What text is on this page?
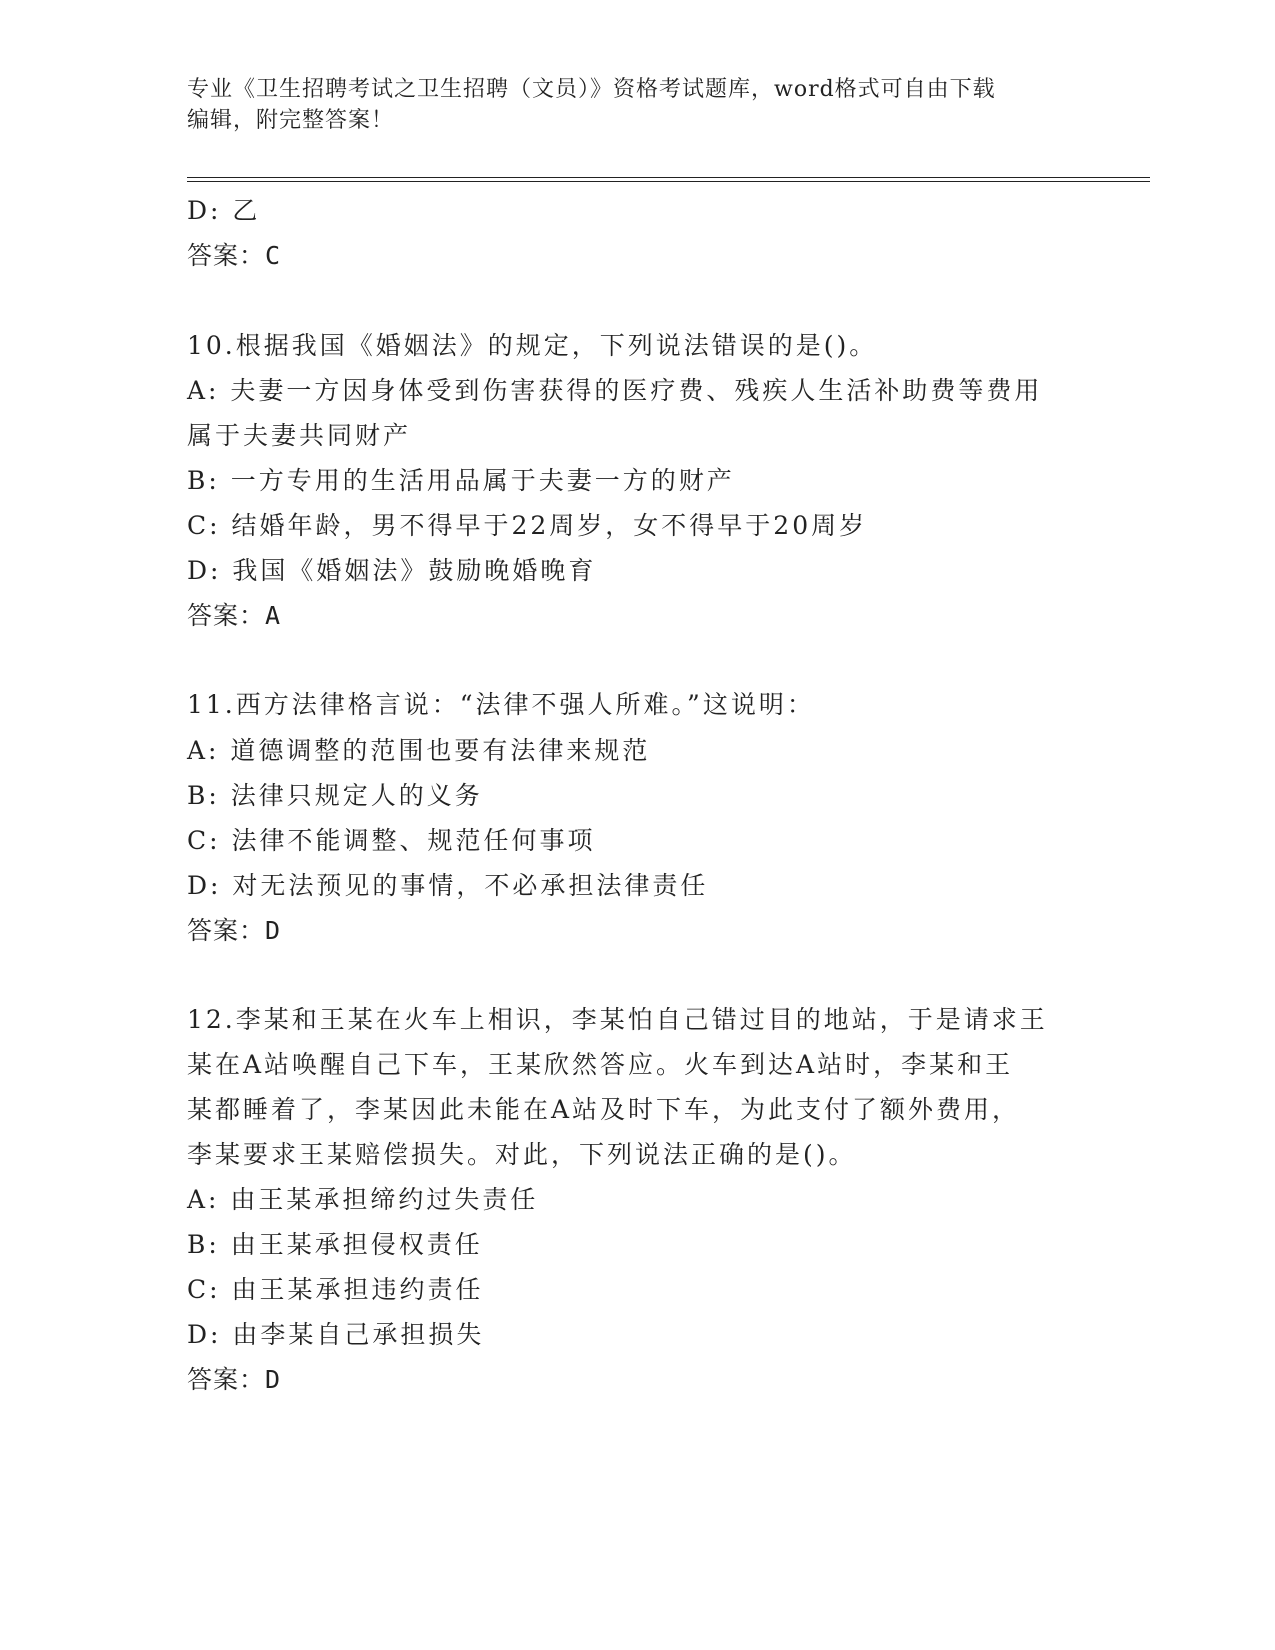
专业《卫生招聘考试之卫生招聘（文员）》资格考试题库，word格式可自由下载
编辑，附完整答案！
D: 乙
答案：C
10.根据我国《婚姻法》的规定，下列说法错误的是()。
A: 夫妻一方因身体受到伤害获得的医疗费、残疾人生活补助费等费用
属于夫妻共同财产
B: 一方专用的生活用品属于夫妻一方的财产
C: 结婚年龄，男不得早于22周岁，女不得早于20周岁
D: 我国《婚姻法》鼓励晚婚晚育
答案：A
11.西方法律格言说：“法律不强人所难。”这说明：
A: 道德调整的范围也要有法律来规范
B: 法律只规定人的义务
C: 法律不能调整、规范任何事项
D: 对无法预见的事情，不必承担法律责任
答案：D
12.李某和王某在火车上相识，李某怕自己错过目的地站，于是请求王
某在A站唤醒自己下车，王某欣然答应。火车到达A站时，李某和王
某都睡着了，李某因此未能在A站及时下车，为此支付了额外费用，
李某要求王某赔偿损失。对此，下列说法正确的是()。
A: 由王某承担缔约过失责任
B: 由王某承担侵权责任
C: 由王某承担违约责任
D: 由李某自己承担损失
答案：D
